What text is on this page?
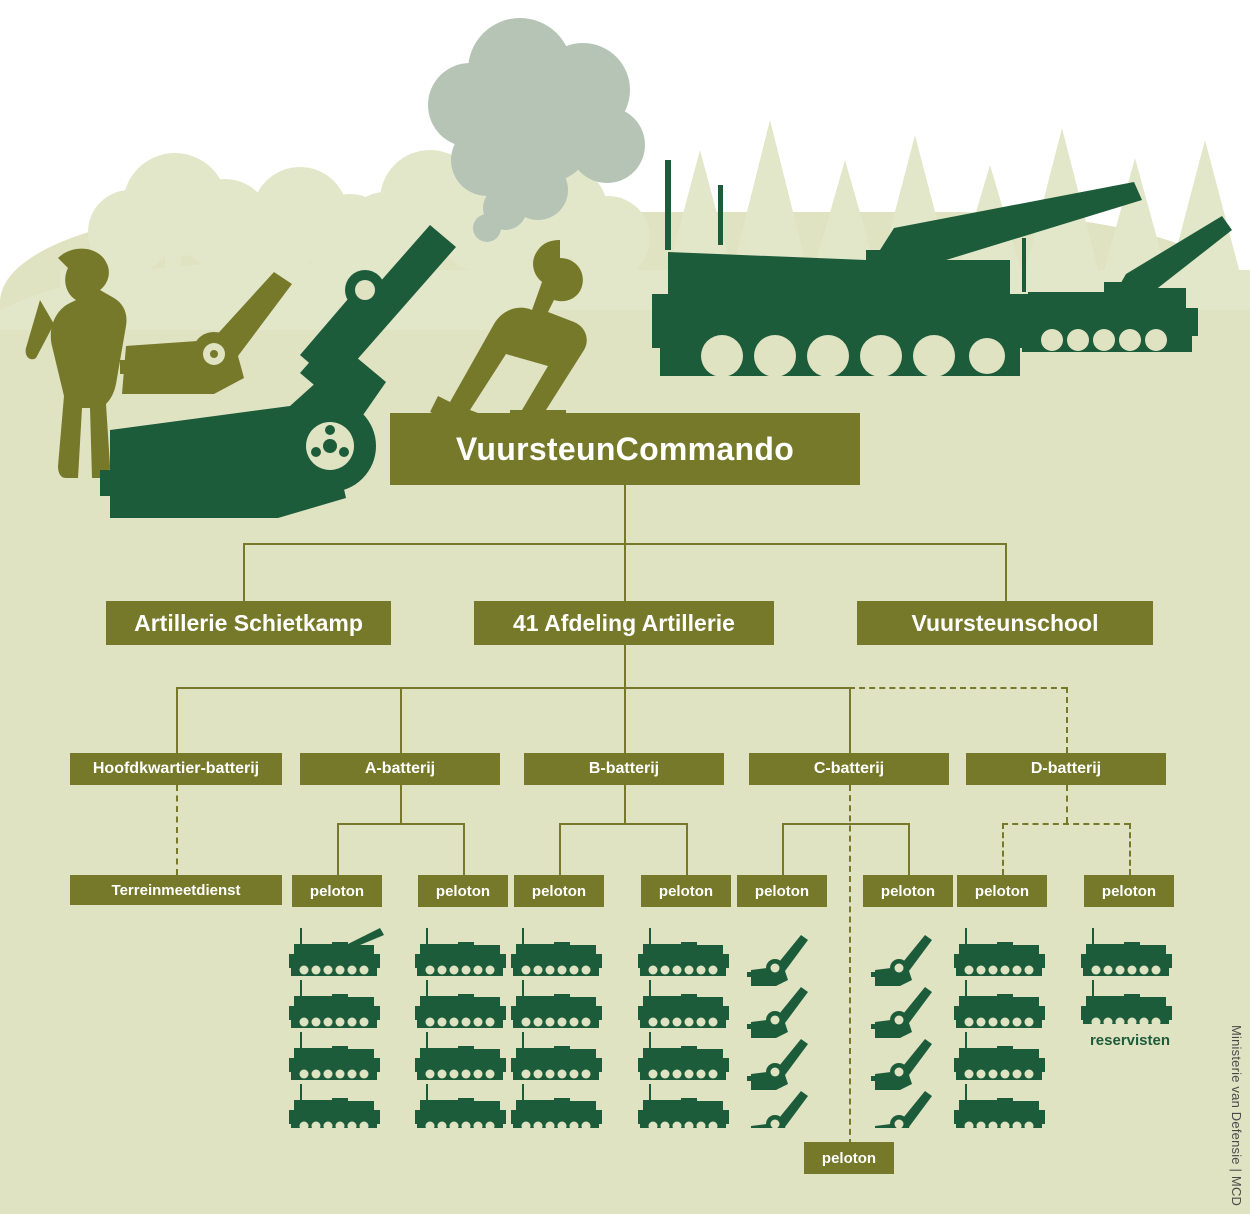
VuursteunCommando
Artillerie Schietkamp	41 Afdeling Artillerie	Vuursteunschool
Hoofdkwartier-batterij	A-batterij	B-batterij	C-batterij	D-batterij
Terreinmeetdienst	peloton	peloton	peloton	peloton	peloton	peloton	peloton	peloton
peloton
reservisten	Ministerie van Defensie | MCD
